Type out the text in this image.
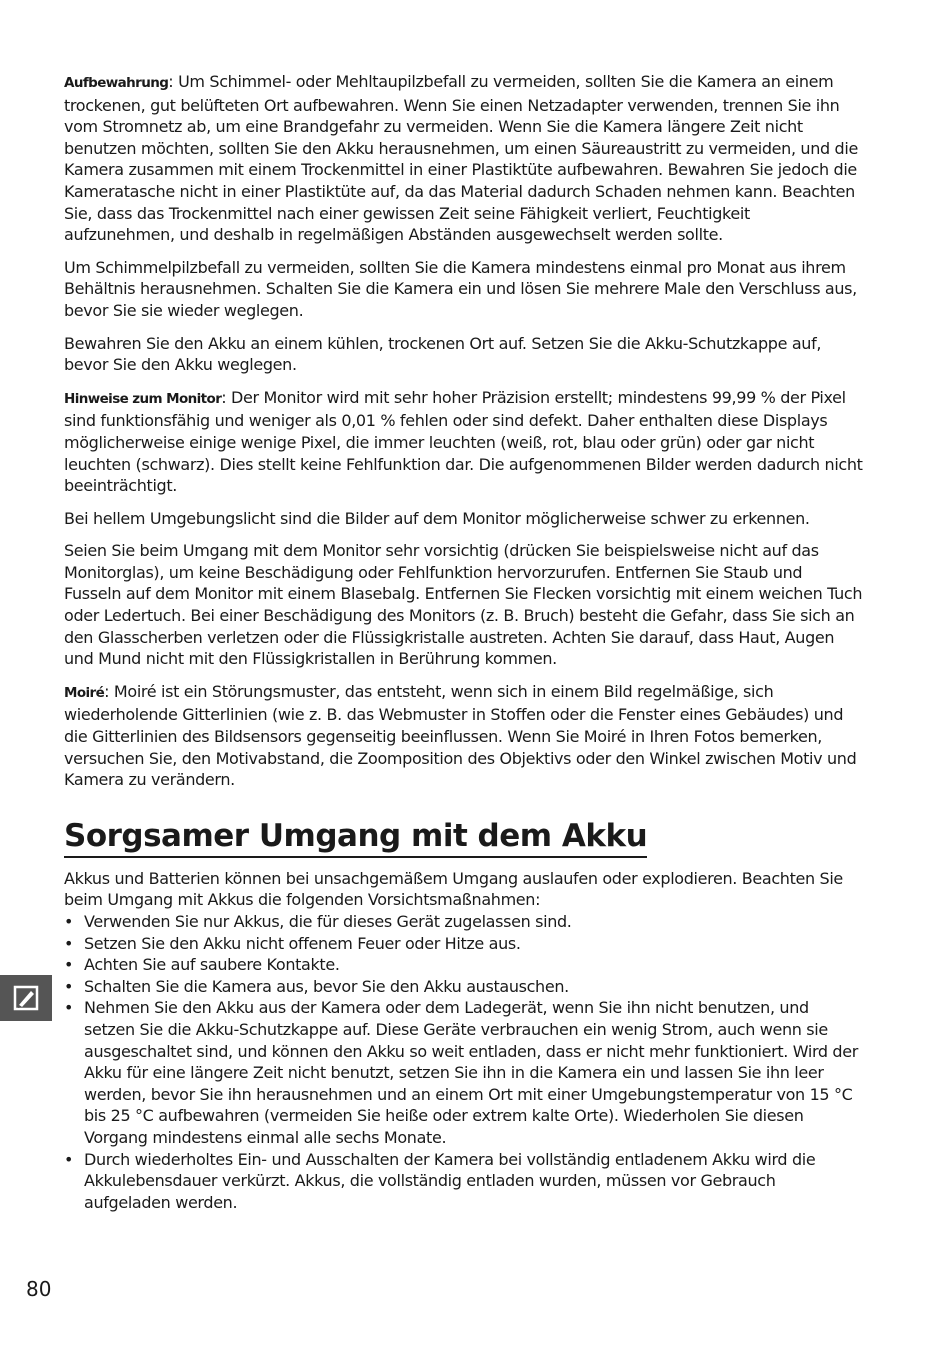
Aufbewahrung: Um Schimmel- oder Mehltaupilzbefall zu vermeiden, sollten Sie die Kamera an einem trockenen, gut belüfteten Ort aufbewahren. Wenn Sie einen Netzadapter verwenden, trennen Sie ihn vom Stromnetz ab, um eine Brandgefahr zu vermeiden. Wenn Sie die Kamera längere Zeit nicht benutzen möchten, sollten Sie den Akku herausnehmen, um einen Säureaustritt zu vermeiden, und die Kamera zusammen mit einem Trockenmittel in einer Plastiktüte aufbewahren. Bewahren Sie jedoch die Kameratasche nicht in einer Plastiktüte auf, da das Material dadurch Schaden nehmen kann. Beachten Sie, dass das Trockenmittel nach einer gewissen Zeit seine Fähigkeit verliert, Feuchtigkeit aufzunehmen, und deshalb in regelmäßigen Abständen ausgewechselt werden sollte.

Um Schimmelpilzbefall zu vermeiden, sollten Sie die Kamera mindestens einmal pro Monat aus ihrem Behältnis herausnehmen. Schalten Sie die Kamera ein und lösen Sie mehrere Male den Verschluss aus, bevor Sie sie wieder weglegen.

Bewahren Sie den Akku an einem kühlen, trockenen Ort auf. Setzen Sie die Akku-Schutzkappe auf, bevor Sie den Akku weglegen.

Hinweise zum Monitor: Der Monitor wird mit sehr hoher Präzision erstellt; mindestens 99,99 % der Pixel sind funktionsfähig und weniger als 0,01 % fehlen oder sind defekt. Daher enthalten diese Displays möglicherweise einige wenige Pixel, die immer leuchten (weiß, rot, blau oder grün) oder gar nicht leuchten (schwarz). Dies stellt keine Fehlfunktion dar. Die aufgenommenen Bilder werden dadurch nicht beeinträchtigt.

Bei hellem Umgebungslicht sind die Bilder auf dem Monitor möglicherweise schwer zu erkennen.

Seien Sie beim Umgang mit dem Monitor sehr vorsichtig (drücken Sie beispielsweise nicht auf das Monitorglas), um keine Beschädigung oder Fehlfunktion hervorzurufen. Entfernen Sie Staub und Fusseln auf dem Monitor mit einem Blasebalg. Entfernen Sie Flecken vorsichtig mit einem weichen Tuch oder Ledertuch. Bei einer Beschädigung des Monitors (z. B. Bruch) besteht die Gefahr, dass Sie sich an den Glasscherben verletzen oder die Flüssigkristalle austreten. Achten Sie darauf, dass Haut, Augen und Mund nicht mit den Flüssigkristallen in Berührung kommen.

Moiré: Moiré ist ein Störungsmuster, das entsteht, wenn sich in einem Bild regelmäßige, sich wiederholende Gitterlinien (wie z. B. das Webmuster in Stoffen oder die Fenster eines Gebäudes) und die Gitterlinien des Bildsensors gegenseitig beeinflussen. Wenn Sie Moiré in Ihren Fotos bemerken, versuchen Sie, den Motivabstand, die Zoomposition des Objektivs oder den Winkel zwischen Motiv und Kamera zu verändern.

Sorgsamer Umgang mit dem Akku

Akkus und Batterien können bei unsachgemäßem Umgang auslaufen oder explodieren. Beachten Sie beim Umgang mit Akkus die folgenden Vorsichtsmaßnahmen:

• Verwenden Sie nur Akkus, die für dieses Gerät zugelassen sind.
• Setzen Sie den Akku nicht offenem Feuer oder Hitze aus.
• Achten Sie auf saubere Kontakte.
• Schalten Sie die Kamera aus, bevor Sie den Akku austauschen.
• Nehmen Sie den Akku aus der Kamera oder dem Ladegerät, wenn Sie ihn nicht benutzen, und setzen Sie die Akku-Schutzkappe auf. Diese Geräte verbrauchen ein wenig Strom, auch wenn sie ausgeschaltet sind, und können den Akku so weit entladen, dass er nicht mehr funktioniert. Wird der Akku für eine längere Zeit nicht benutzt, setzen Sie ihn in die Kamera ein und lassen Sie ihn leer werden, bevor Sie ihn herausnehmen und an einem Ort mit einer Umgebungstemperatur von 15 °C bis 25 °C aufbewahren (vermeiden Sie heiße oder extrem kalte Orte). Wiederholen Sie diesen Vorgang mindestens einmal alle sechs Monate.
• Durch wiederholtes Ein- und Ausschalten der Kamera bei vollständig entladenem Akku wird die Akkulebensdauer verkürzt. Akkus, die vollständig entladen wurden, müssen vor Gebrauch aufgeladen werden.
80
